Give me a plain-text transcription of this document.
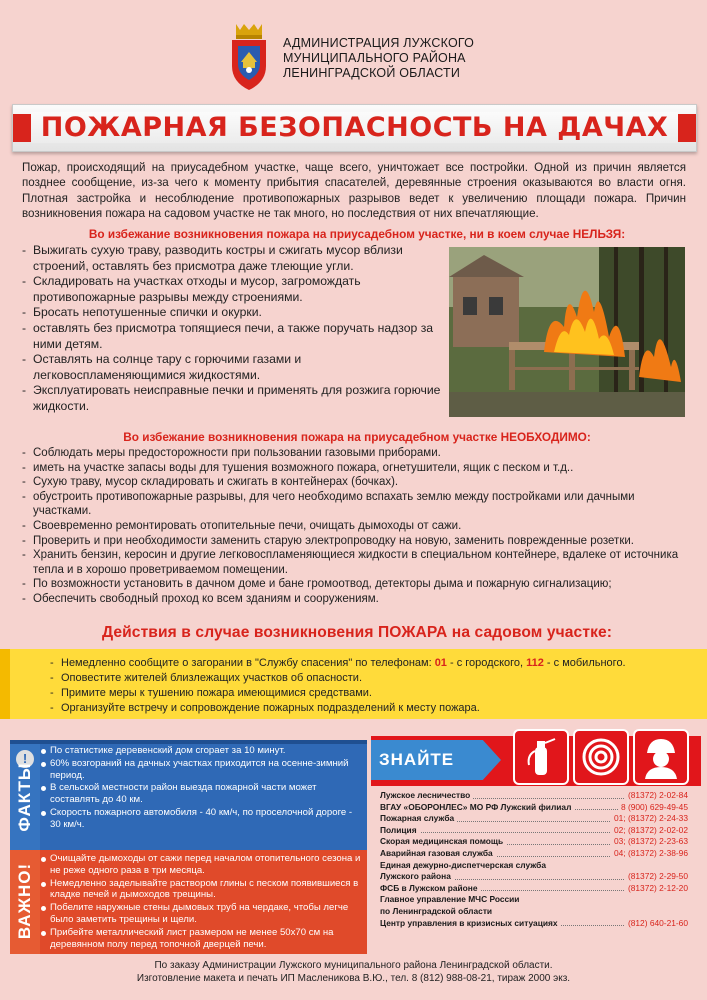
АДМИНИСТРАЦИЯ ЛУЖСКОГО
МУНИЦИПАЛЬНОГО РАЙОНА
ЛЕНИНГРАДСКОЙ ОБЛАСТИ
ПОЖАРНАЯ БЕЗОПАСНОСТЬ НА ДАЧАХ
Пожар, происходящий на приусадебном участке, чаще всего, уничтожает все постройки. Одной из причин является позднее сообщение, из-за чего к моменту прибытия спасателей, деревянные строения оказываются во власти огня. Плотная застройка и несоблюдение противопожарных разрывов ведет к увеличению площади пожара. Причин возникновения пожара на садовом участке не так много, но последствия от них впечатляющие.
Во избежание возникновения пожара на приусадебном участке, ни в коем случае НЕЛЬЗЯ:
- Выжигать сухую траву, разводить костры и сжигать мусор вблизи строений, оставлять без присмотра даже тлеющие угли.
- Складировать на участках отходы и мусор, загромождать противопожарные разрывы между строениями.
- Бросать непотушенные спички и окурки.
- оставлять без присмотра топящиеся печи, а также поручать надзор за ними детям.
- Оставлять на солнце тару с горючими газами и легковоспламеняющимися жидкостями.
- Эксплуатировать неисправные печки и применять для розжига горючие жидкости.
Во избежание возникновения пожара на приусадебном участке НЕОБХОДИМО:
- Соблюдать меры предосторожности при пользовании газовыми приборами.
- иметь на участке запасы воды для тушения возможного пожара, огнетушители, ящик с песком и т.д..
- Сухую траву, мусор складировать и сжигать в контейнерах (бочках).
- обустроить противопожарные разрывы, для чего необходимо вспахать землю между постройками или дачными участками.
- Своевременно ремонтировать отопительные печи, очищать дымоходы от сажи.
- Проверить и при необходимости заменить старую электропроводку на новую, заменить поврежденные розетки.
- Хранить бензин, керосин и другие легковоспламеняющиеся жидкости в специальном контейнере, вдалеке от источника тепла и в хорошо проветриваемом помещении.
- По возможности установить в дачном доме и бане громоотвод, детекторы дыма и пожарную сигнализацию;
- Обеспечить свободный проход ко всем зданиям и сооружениям.
Действия в случае возникновения ПОЖАРА на садовом участке:
- Немедленно сообщите о загорании в "Службу спасения" по телефонам: 01 - с городского, 112 - с мобильного.
- Оповестите жителей близлежащих участков об опасности.
- Примите меры к тушению пожара имеющимися средствами.
- Организуйте встречу и сопровождение пожарных подразделений к месту пожара.
!
ФАКТЫ
По статистике деревенский дом сгорает за 10 минут.
60% возгораний на дачных участках приходится на осенне-зимний период.
В сельской местности район выезда пожарной части может составлять до 40 км.
Скорость пожарного автомобиля - 40 км/ч, по проселочной дороге - 30 км/ч.
ВАЖНО!
Очищайте дымоходы от сажи перед началом отопительного сезона и не реже одного раза в три месяца.
Немедленно заделывайте раствором глины с песком появившиеся в кладке печей и дымоходов трещины.
Побелите наружные стены дымовых труб на чердаке, чтобы легче было заметить трещины и щели.
Прибейте металлический лист размером не менее 50х70 см на деревянном полу перед топочной дверцей печи.
ЗНАЙТЕ
Лужское лесничество	(81372) 2-02-84
ВГАУ «ОБОРОНЛЕС» МО РФ Лужский филиал	8 (900) 629-49-45
Пожарная служба	01; (81372) 2-24-33
Полиция	02; (81372) 2-02-02
Скорая медицинская помощь	03; (81372) 2-23-63
Аварийная газовая служба	04; (81372) 2-38-96
Единая дежурно-диспетчерская служба
Лужского района	(81372) 2-29-50
ФСБ в Лужском районе	(81372) 2-12-20
Главное управление МЧС России
по Ленинградской области
Центр управления в кризисных ситуациях	(812) 640-21-60
По заказу Администрации Лужского муниципального района Ленинградской области.
Изготовление макета и печать ИП Масленикова В.Ю., тел. 8 (812) 988-08-21, тираж 2000 экз.
